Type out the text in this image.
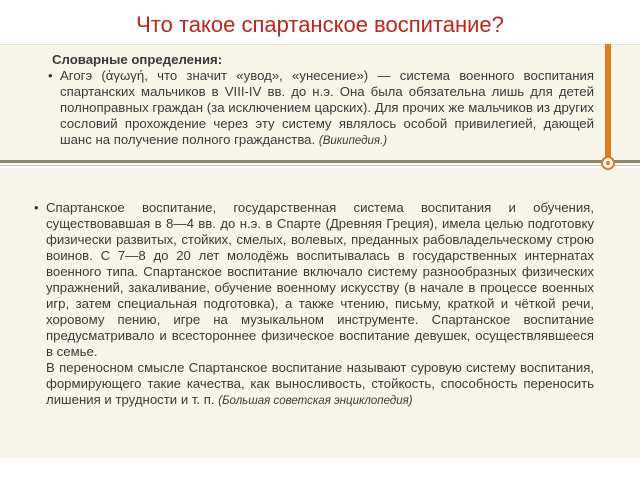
Что такое спартанское воспитание?
Словарные определения:
• Агогэ (ἀγωγή, что значит «увод», «унесение») — система военного воспитания спартанских мальчиков в VIII-IV вв. до н.э. Она была обязательна лишь для детей полноправных граждан (за исключением царских). Для прочих же мальчиков из других сословий прохождение через эту систему являлось особой привилегией, дающей шанс на получение полного гражданства. (Википедия.)

• Спартанское воспитание, государственная система воспитания и обучения, существовавшая в 8—4 вв. до н.э. в Спарте (Древняя Греция), имела целью подготовку физически развитых, стойких, смелых, волевых, преданных рабовладельческому строю воинов. С 7—8 до 20 лет молодёжь воспитывалась в государственных интернатах военного типа. Спартанское воспитание включало систему разнообразных физических упражнений, закаливание, обучение военному искусству (в начале в процессе военных игр, затем специальная подготовка), а также чтению, письму, краткой и чёткой речи, хоровому пению, игре на музыкальном инструменте. Спартанское воспитание предусматривало и всестороннее физическое воспитание девушек, осуществлявшееся в семье.

В переносном смысле Спартанское воспитание называют суровую систему воспитания, формирующего такие качества, как выносливость, стойкость, способность переносить лишения и трудности и т. п. (Большая советская энциклопедия)
